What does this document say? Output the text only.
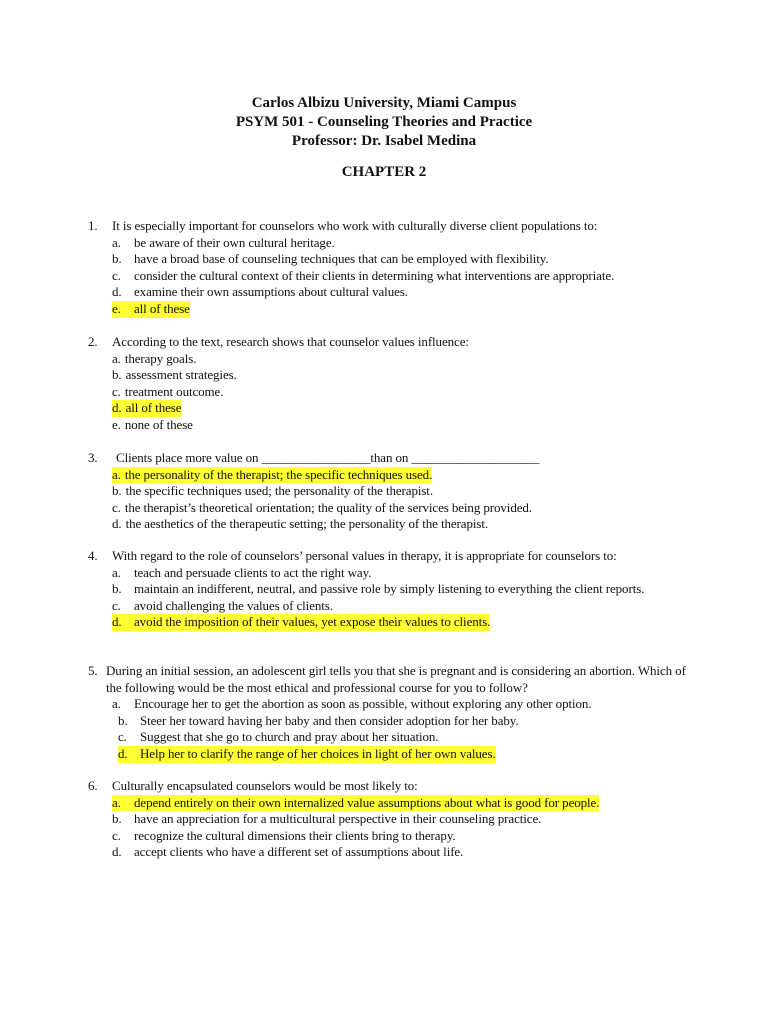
Carlos Albizu University, Miami Campus
PSYM 501 - Counseling Theories and Practice
Professor: Dr. Isabel Medina
CHAPTER 2
1.	It is especially important for counselors who work with culturally diverse client populations to:
a.	be aware of their own cultural heritage.
b. have a broad base of counseling techniques that can be employed with flexibility.
c.	consider the cultural context of their clients in determining what interventions are appropriate.
d. examine their own assumptions about cultural values.
e. all of these
2.	According to the text, research shows that counselor values influence:
a. therapy goals.
b. assessment strategies.
c. treatment outcome.
d. all of these
e. none of these
3.	Clients place more value on _________________than on ____________________
a. the personality of the therapist; the specific techniques used.
b. the specific techniques used; the personality of the therapist.
c. the therapist’s theoretical orientation; the quality of the services being provided.
d. the aesthetics of the therapeutic setting; the personality of the therapist.
4.	With regard to the role of counselors’ personal values in therapy, it is appropriate for counselors to:
a.	teach and persuade clients to act the right way.
b. maintain an indifferent, neutral, and passive role by simply listening to everything the client reports.
c.	avoid challenging the values of clients.
d. avoid the imposition of their values, yet expose their values to clients.
5. During an initial session, an adolescent girl tells you that she is pregnant and is considering an abortion. Which of the following would be the most ethical and professional course for you to follow?
a.	Encourage her to get the abortion as soon as possible, without exploring any other option.
b. Steer her toward having her baby and then consider adoption for her baby.
c.	Suggest that she go to church and pray about her situation.
d. Help her to clarify the range of her choices in light of her own values.
6.	Culturally encapsulated counselors would be most likely to:
a. depend entirely on their own internalized value assumptions about what is good for people.
b. have an appreciation for a multicultural perspective in their counseling practice.
c.	recognize the cultural dimensions their clients bring to therapy.
d. accept clients who have a different set of assumptions about life.
